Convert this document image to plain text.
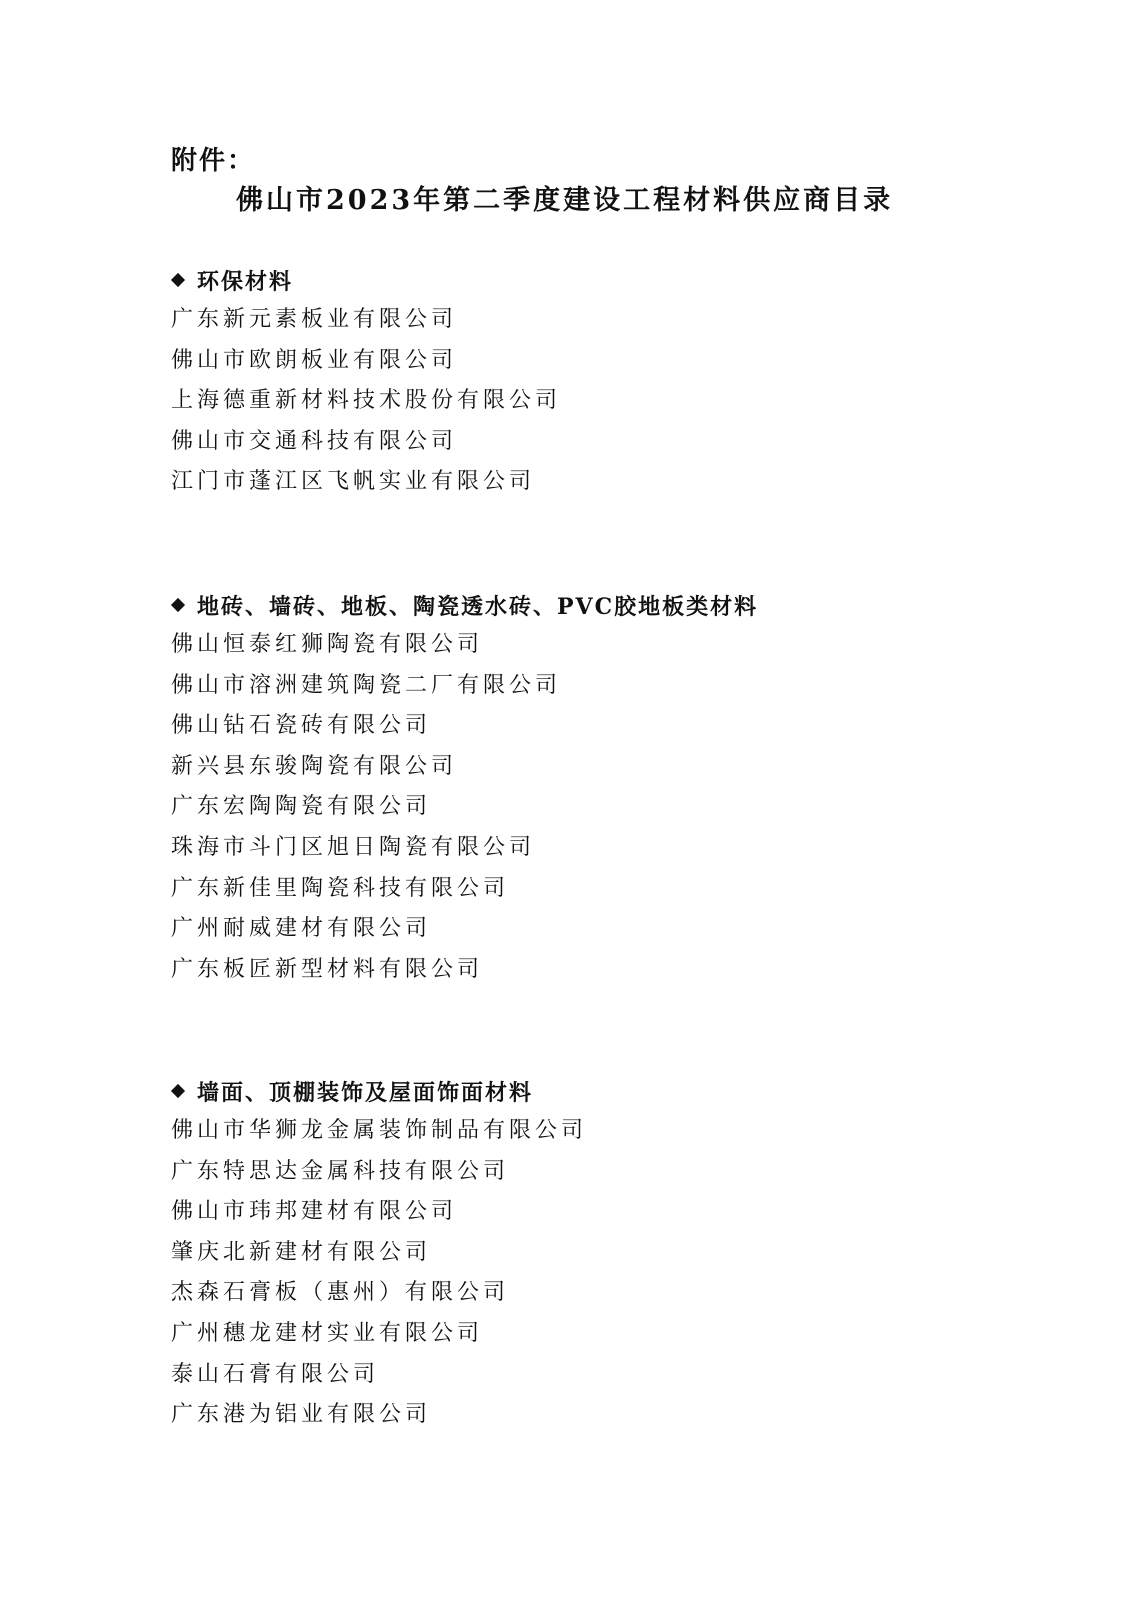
附件：
佛山市2023年第二季度建设工程材料供应商目录
环保材料
广东新元素板业有限公司
佛山市欧朗板业有限公司
上海德重新材料技术股份有限公司
佛山市交通科技有限公司
江门市蓬江区飞帆实业有限公司
地砖、墙砖、地板、陶瓷透水砖、PVC胶地板类材料
佛山恒泰红狮陶瓷有限公司
佛山市溶洲建筑陶瓷二厂有限公司
佛山钻石瓷砖有限公司
新兴县东骏陶瓷有限公司
广东宏陶陶瓷有限公司
珠海市斗门区旭日陶瓷有限公司
广东新佳里陶瓷科技有限公司
广州耐威建材有限公司
广东板匠新型材料有限公司
墙面、顶棚装饰及屋面饰面材料
佛山市华狮龙金属装饰制品有限公司
广东特思达金属科技有限公司
佛山市玮邦建材有限公司
肇庆北新建材有限公司
杰森石膏板（惠州）有限公司
广州穗龙建材实业有限公司
泰山石膏有限公司
广东港为铝业有限公司
